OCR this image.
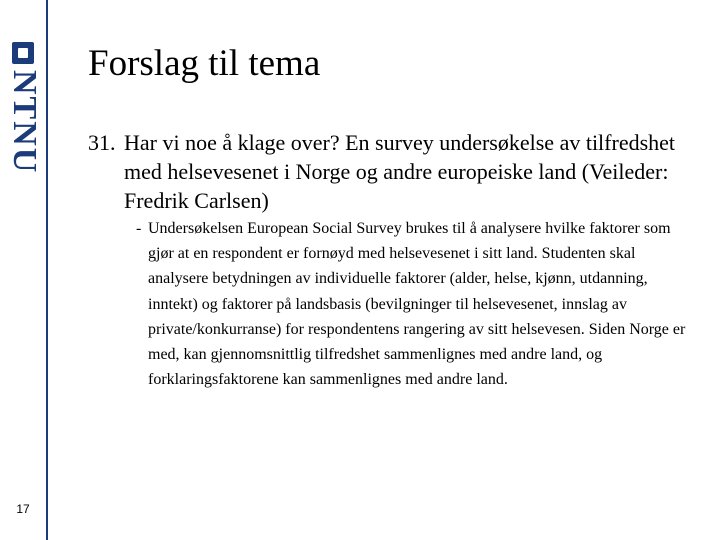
NTNU
17
Forslag til tema
31. Har vi noe å klage over? En survey undersøkelse av tilfredshet med helsevesenet i Norge og andre europeiske land (Veileder: Fredrik Carlsen)
- Undersøkelsen European Social Survey brukes til å analysere hvilke faktorer som gjør at en respondent er fornøyd med helsevesenet i sitt land. Studenten skal analysere betydningen av individuelle faktorer (alder, helse, kjønn, utdanning, inntekt) og faktorer på landsbasis (bevilgninger til helsevesenet, innslag av private/konkurranse) for respondentens rangering av sitt helsevesen. Siden Norge er med, kan gjennomsnittlig tilfredshet sammenlignes med andre land, og forklaringsfaktorene kan sammenlignes med andre land.
